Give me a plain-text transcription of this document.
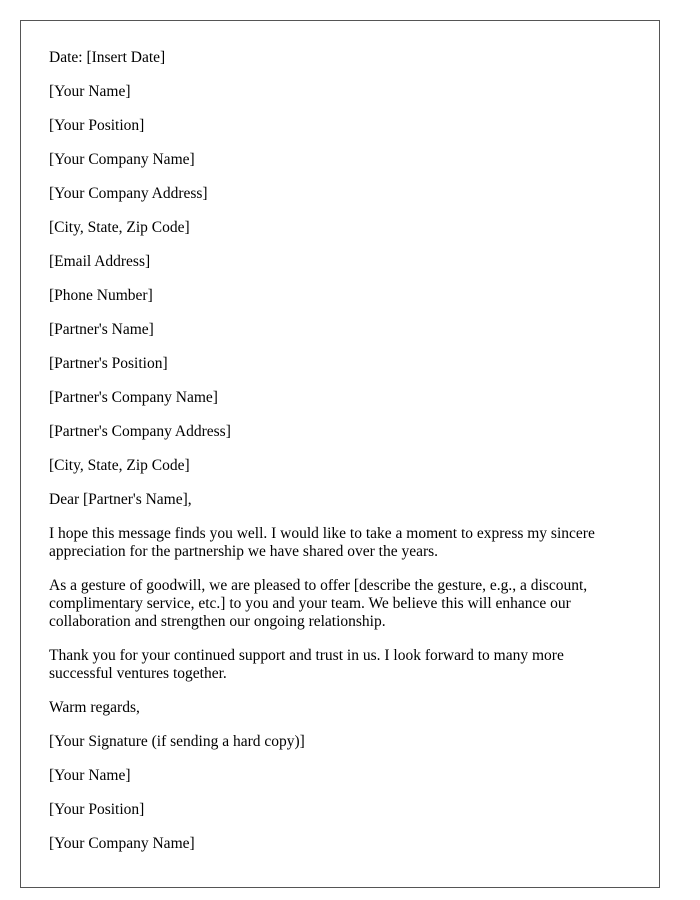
Date: [Insert Date]
[Your Name]
[Your Position]
[Your Company Name]
[Your Company Address]
[City, State, Zip Code]
[Email Address]
[Phone Number]
[Partner's Name]
[Partner's Position]
[Partner's Company Name]
[Partner's Company Address]
[City, State, Zip Code]
Dear [Partner's Name],
I hope this message finds you well. I would like to take a moment to express my sincere appreciation for the partnership we have shared over the years.
As a gesture of goodwill, we are pleased to offer [describe the gesture, e.g., a discount, complimentary service, etc.] to you and your team. We believe this will enhance our collaboration and strengthen our ongoing relationship.
Thank you for your continued support and trust in us. I look forward to many more successful ventures together.
Warm regards,
[Your Signature (if sending a hard copy)]
[Your Name]
[Your Position]
[Your Company Name]
